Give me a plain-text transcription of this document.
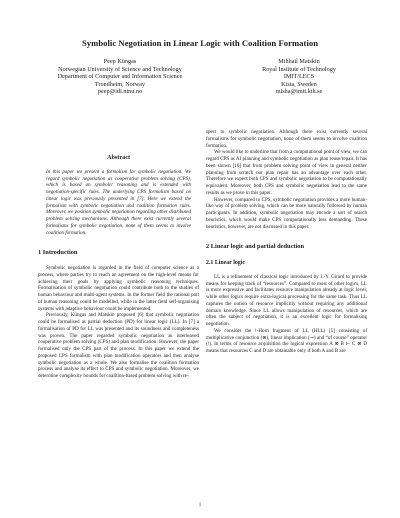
Symbolic Negotiation in Linear Logic with Coalition Formation
Peep Küngas
Norwegian University of Science and Technology
Department of Computer and Information Science
Trondheim, Norway
peep@idi.ntnu.no
Mihhail Matskin
Royal Institute of Technology
IMIT/LECS
Kista, Sweden
misha@imit.kth.se
Abstract
In this paper we present a formalism for symbolic negotiation. We regard symbolic negotiation as cooperative problem solving (CPS), which is based on symbolic reasoning and is extended with negotiation-specific rules. The underlying CPS formalism based on linear logic was previously presented in [7]. Here we extend the formalism with symbolic negotiation and coalition formation rules. Moreover, we position symbolic negotiation regarding other distributed problem solving mechanisms. Although there exist currently several formalisms for symbolic negotiation, none of them seems to involve coalition formation.
1 Introduction

Symbolic negotiation is regarded in the field of computer science as a process, where parties try to reach an agreement on the high-level means for achieving their goals by applying symbolic reasoning techniques. Formalisation of symbolic negotiation could contribute both to the studies of human behaviour and multi-agent systems. In the former field the rational part of human reasoning could be modelled, while in the latter field self-organising systems with adaptive behaviour could be implemented.

Previously, Küngas and Matskin proposed [6] that symbolic negotiation could be formalised as partial deduction (PD) for linear logic (LL). In [7] a formalisation of PD for LL was presented and its soundness and completeness was proven. The paper regarded symbolic negotiation as interleaved cooperative problem solving (CPS) and plan modification. However, the paper formalised only the CPS part of the process. In this paper we extend the proposed CPS formalism with plan modification operators and then analyse symbolic negotiation as a whole. We also formalise the coalition formation process and analyse its effect to CPS and symbolic negotiation. Moreover, we determine complexity bounds for coalition-based problem solving with re-

spect to symbolic negotiation. Although there exist currently several formalisms for symbolic negotiation, none of them seems to involve coalition formation.

We would like to underline that from a computational point of view, we can regard CPS as AI planning and symbolic negotiation as plan reuse/repair. It has been shown [10] that from problem solving point of view in general neither planning from scratch nor plan repair has an advantage over each other. Therefore we expect both CPS and symbolic negotiation to be computationally equivalent. Moreover, both CPS and symbolic negotiation lead to the same results as we prove in this paper.

However, compared to CPS, symbolic negotiation provides a more human-like way of problem solving, which can be more naturally followed by human participants. In addition, symbolic negotiation may encode a sort of search heuristics, which would make CPS computationally less demanding. These heuristics, however, are not discussed in this paper.

2 Linear logic and partial deduction
2.1 Linear logic

LL is a refinement of classical logic introduced by J.-Y. Girard to provide means for keeping track of “resources”. Compared to most of other logics, LL is more expressive and facilitates resource manipulation already at logic level, while other logics require extra-logical processing for the same task. Thus LL captures the notion of resource implicitly without requiring any additional domain knowledge. Since LL allows manipulation of resources, which are often the subject of negotiation, it is an excellent logic for formalising negotiation.

We consider the !-Horn fragment of LL (HLL) [5] consisting of multiplicative conjunction (⊗), linear implication (⊸) and “of course” operator (!). In terms of resource acquisition the logical expression A ⊗ B ⊢ C ⊗ D means that resources C and D are obtainable only if both A and B are

1
